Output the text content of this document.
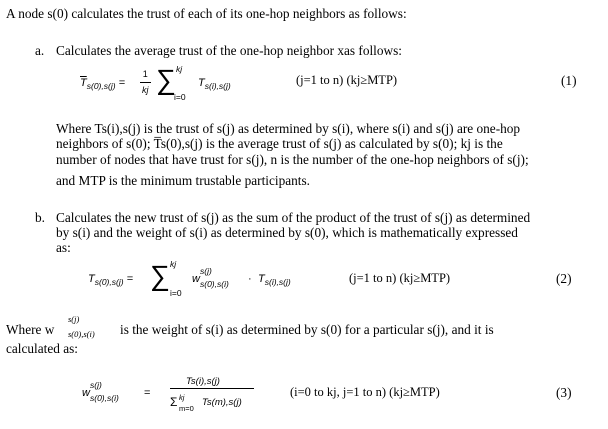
A node s(0) calculates the trust of each of its one-hop neighbors as follows:
a. Calculates the average trust of the one-hop neighbor xas follows:
$\overline{T}_{s(0),s(j)} = \frac{1}{kj}$ ∑ kj
i=0
$T_{s(i),s(j)}$	(j=1 to n) (kj≥MTP)	(1)
Where Ts(i),s(j) is the trust of s(j) as determined by s(i), where s(i) and s(j) are one-hop
neighbors of s(0); T̅s(0),s(j) is the average trust of s(j) as calculated by s(0); kj is the
number of nodes that have trust for s(j), n is the number of the one-hop neighbors of s(j);
and MTP is the minimum trustable participants.
b. Calculates the new trust of s(j) as the sum of the product of the trust of s(j) as determined
by s(i) and the weight of s(i) as determined by s(0), which is mathematically expressed
as:
$T_{s(0),s(j)}$ = ∑ kj
i=0
w
s(j)
$s(0),s(i) \cdot T_{s(i),s(j)}$	(j=1 to n) (kj≥MTP)	(2)
Where w
s(j)
s(0),s(i) is the weight of s(i) as determined by s(0) for a particular s(j), and it is
calculated as:
w
s(j)
s(0),s(i) =
Ts(i),s(j)
Σ kj
m=0
Ts(m),s(j)
(i=0 to kj, j=1 to n) (kj≥MTP)	(3)
